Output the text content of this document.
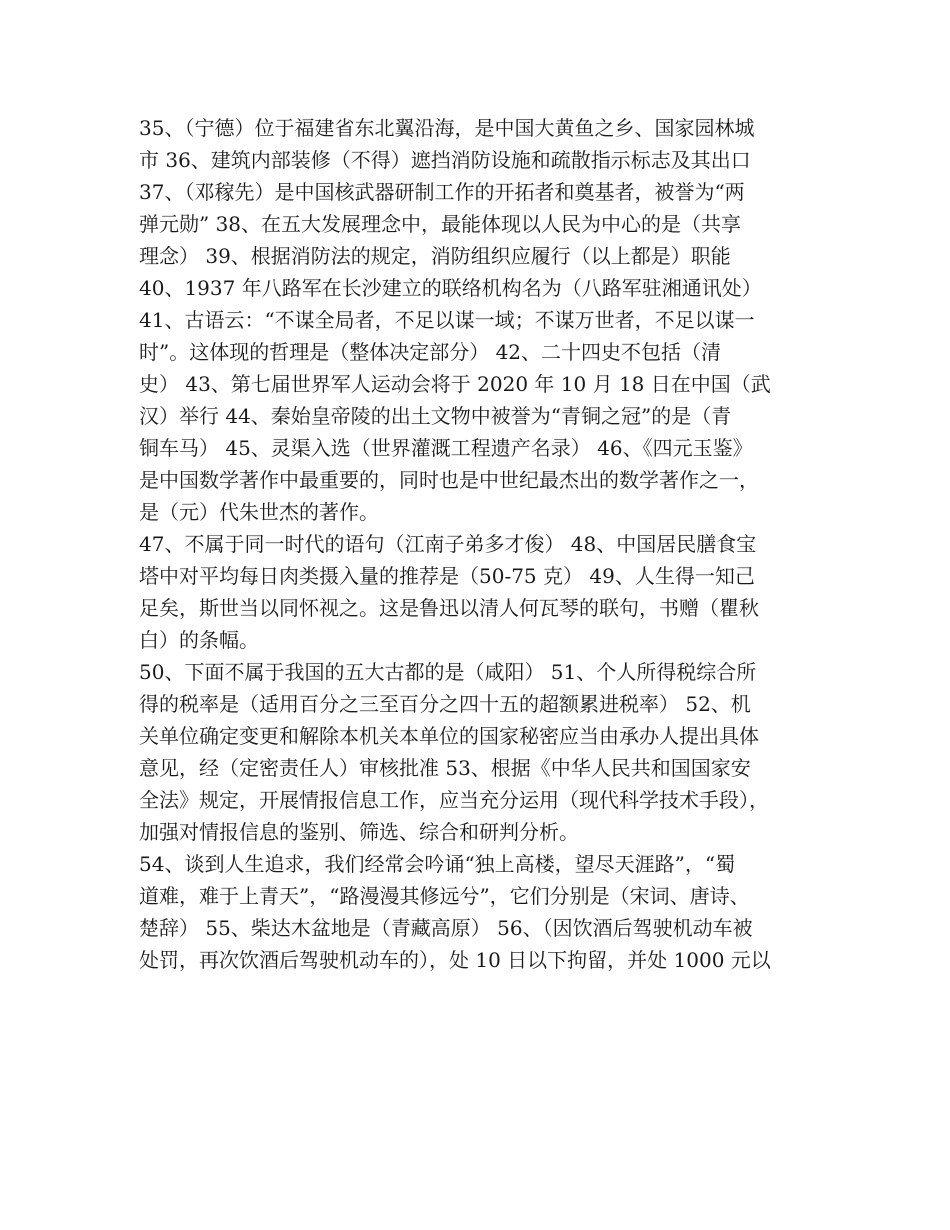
35、（宁德）位于福建省东北翼沿海，是中国大黄鱼之乡、国家园林城
市 36、建筑内部装修（不得）遮挡消防设施和疏散指示标志及其出口
37、（邓稼先）是中国核武器研制工作的开拓者和奠基者，被誉为“两
弹元勋” 38、在五大发展理念中，最能体现以人民为中心的是（共享
理念） 39、根据消防法的规定，消防组织应履行（以上都是）职能
40、1937 年八路军在长沙建立的联络机构名为（八路军驻湘通讯处）
41、古语云：“不谋全局者，不足以谋一域；不谋万世者，不足以谋一
时”。这体现的哲理是（整体决定部分） 42、二十四史不包括（清
史） 43、第七届世界军人运动会将于 2020 年 10 月 18 日在中国（武
汉）举行 44、秦始皇帝陵的出土文物中被誉为“青铜之冠”的是（青
铜车马） 45、灵渠入选（世界灌溉工程遗产名录） 46、《四元玉鉴》
是中国数学著作中最重要的，同时也是中世纪最杰出的数学著作之一，
是（元）代朱世杰的著作。
47、不属于同一时代的语句（江南子弟多才俊） 48、中国居民膳食宝
塔中对平均每日肉类摄入量的推荐是（50-75 克） 49、人生得一知己
足矣，斯世当以同怀视之。这是鲁迅以清人何瓦琴的联句，书赠（瞿秋
白）的条幅。
50、下面不属于我国的五大古都的是（咸阳） 51、个人所得税综合所
得的税率是（适用百分之三至百分之四十五的超额累进税率） 52、机
关单位确定变更和解除本机关本单位的国家秘密应当由承办人提出具体
意见，经（定密责任人）审核批准 53、根据《中华人民共和国国家安
全法》规定，开展情报信息工作，应当充分运用（现代科学技术手段），
加强对情报信息的鉴别、筛选、综合和研判分析。
54、谈到人生追求，我们经常会吟诵“独上高楼，望尽天涯路”，“蜀
道难，难于上青天”，“路漫漫其修远兮”，它们分别是（宋词、唐诗、
楚辞） 55、柴达木盆地是（青藏高原） 56、（因饮酒后驾驶机动车被
处罚，再次饮酒后驾驶机动车的），处 10 日以下拘留，并处 1000 元以
